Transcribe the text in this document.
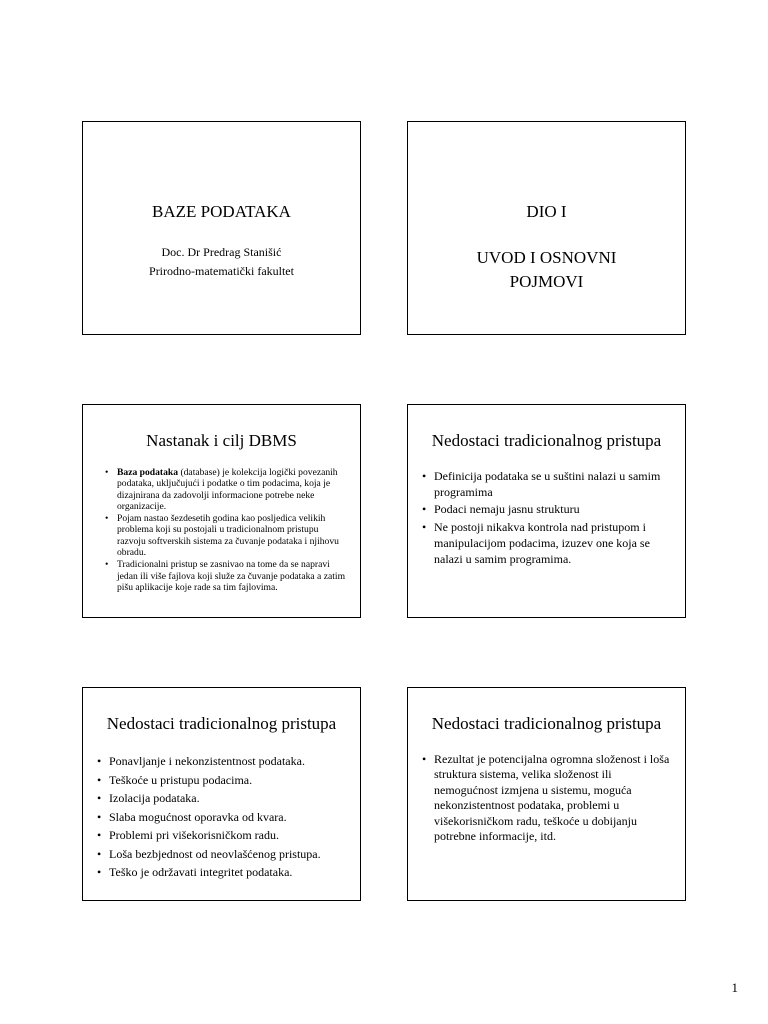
BAZE PODATAKA
Doc. Dr Predrag Stanišić
Prirodno-matematički fakultet
DIO I
UVOD I OSNOVNI
POJMOVI
Nastanak i cilj DBMS
• Baza podataka (database) je kolekcija logički povezanih podataka, uključujući i podatke o tim podacima, koja je dizajnirana da zadovolji informacione potrebe neke organizacije.
• Pojam nastao šezdesetih godina kao posljedica velikih problema koji su postojali u tradicionalnom pristupu razvoju softverskih sistema za čuvanje podataka i njihovu obradu.
• Tradicionalni pristup se zasnivao na tome da se napravi jedan ili više fajlova koji služe za čuvanje podataka a zatim pišu aplikacije koje rade sa tim fajlovima.
Nedostaci tradicionalnog pristupa
• Definicija podataka se u suštini nalazi u samim programima
• Podaci nemaju jasnu strukturu
• Ne postoji nikakva kontrola nad pristupom i manipulacijom podacima, izuzev one koja se nalazi u samim programima.
Nedostaci tradicionalnog pristupa
• Ponavljanje i nekonzistentnost podataka.
• Teškoće u pristupu podacima.
• Izolacija podataka.
• Slaba mogućnost oporavka od kvara.
• Problemi pri višekorisničkom radu.
• Loša bezbjednost od neovlašćenog pristupa.
• Teško je održavati integritet podataka.
Nedostaci tradicionalnog pristupa
• Rezultat je potencijalna ogromna složenost i loša struktura sistema, velika složenost ili nemogućnost izmjena u sistemu, moguća nekonzistentnost podataka, problemi u višekorisničkom radu, teškoće u dobijanju potrebne informacije, itd.
1
